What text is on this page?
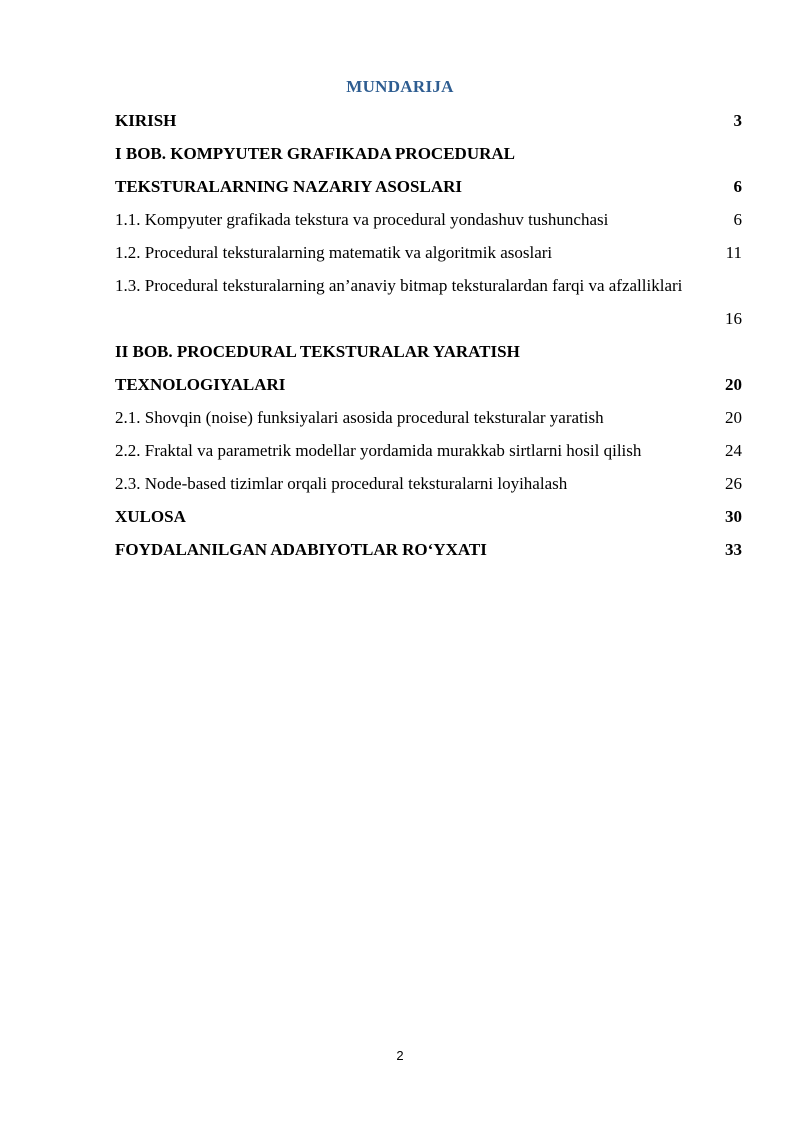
MUNDARIJA
KIRISH	3
I BOB. KOMPYUTER GRAFIKADA PROCEDURAL
TEKSTURALARNING NAZARIY ASOSLARI	6
1.1. Kompyuter grafikada tekstura va procedural yondashuv tushunchasi	6
1.2. Procedural teksturalarning matematik va algoritmik asoslari	11
1.3. Procedural teksturalarning an’anaviy bitmap teksturalardan farqi va afzalliklari
16
II BOB. PROCEDURAL TEKSTURALAR YARATISH
TEXNOLOGIYALARI	20
2.1. Shovqin (noise) funksiyalari asosida procedural teksturalar yaratish	20
2.2. Fraktal va parametrik modellar yordamida murakkab sirtlarni hosil qilish	24
2.3. Node-based tizimlar orqali procedural teksturalarni loyihalash	26
XULOSA	30
FOYDALANILGAN ADABIYOTLAR RO‘YXATI	33
2
